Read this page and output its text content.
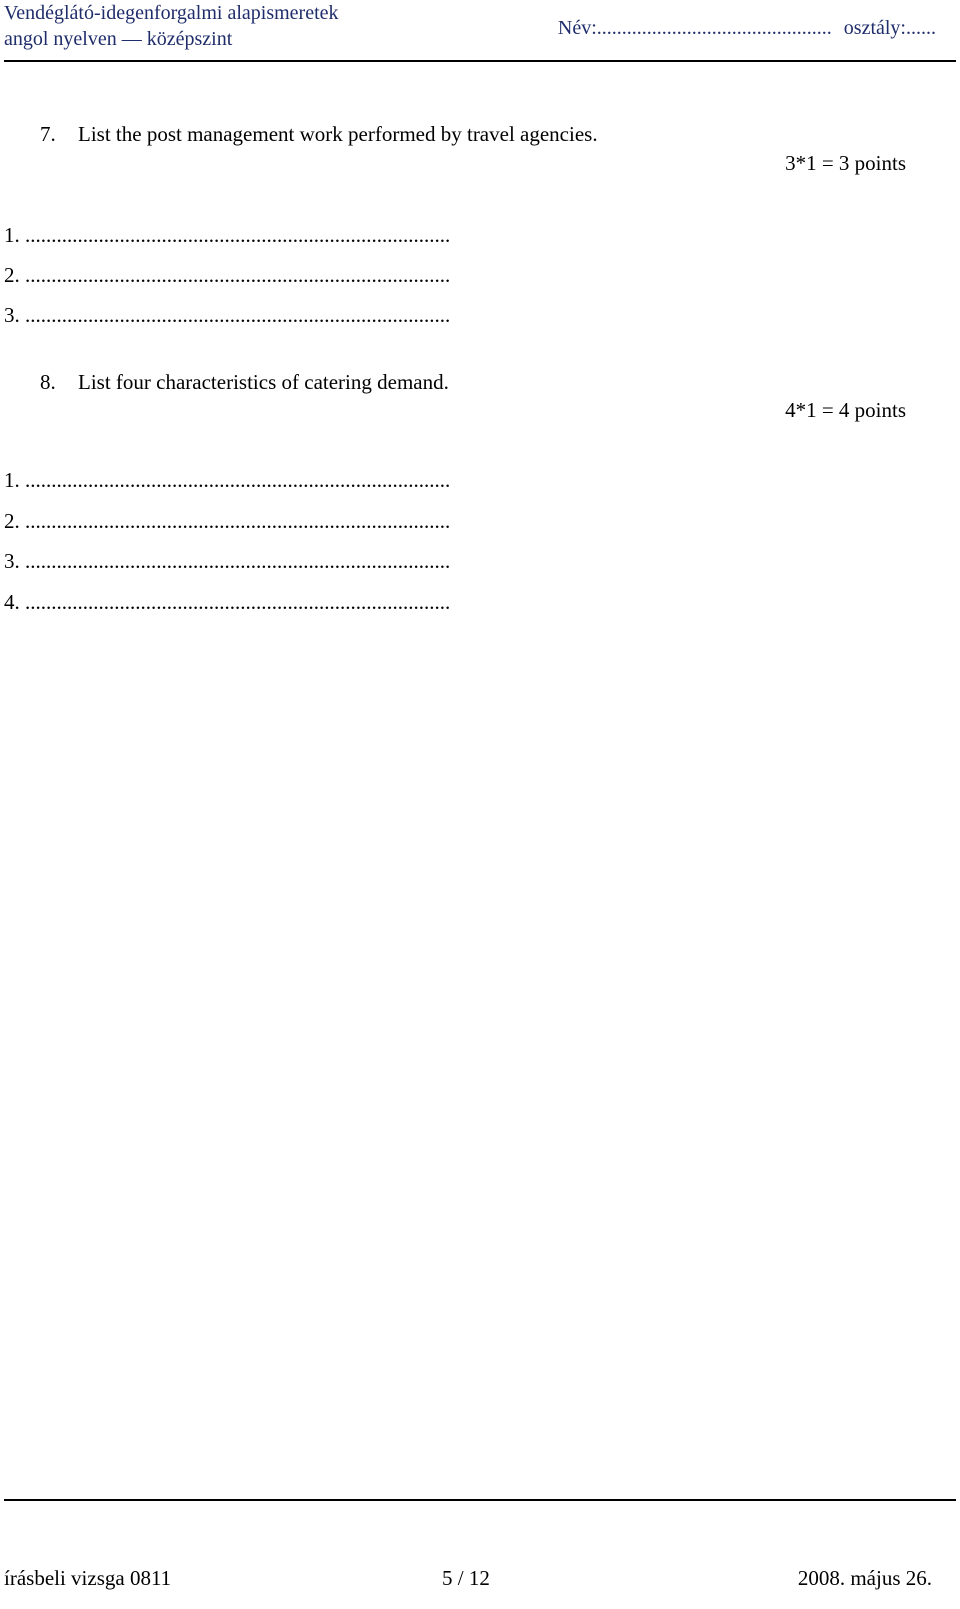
Vendéglátó-idegenforgalmi alapismeretek
angol nyelven — középszint	Név:............................................... osztály:......
7. List the post management work performed by travel agencies.
3*1 = 3 points
1. .................................................................................
2. .................................................................................
3. .................................................................................
8. List four characteristics of catering demand.
4*1 = 4 points
1. .................................................................................
2. .................................................................................
3. .................................................................................
4. .................................................................................
írásbeli vizsga 0811	5 / 12	2008. május 26.
